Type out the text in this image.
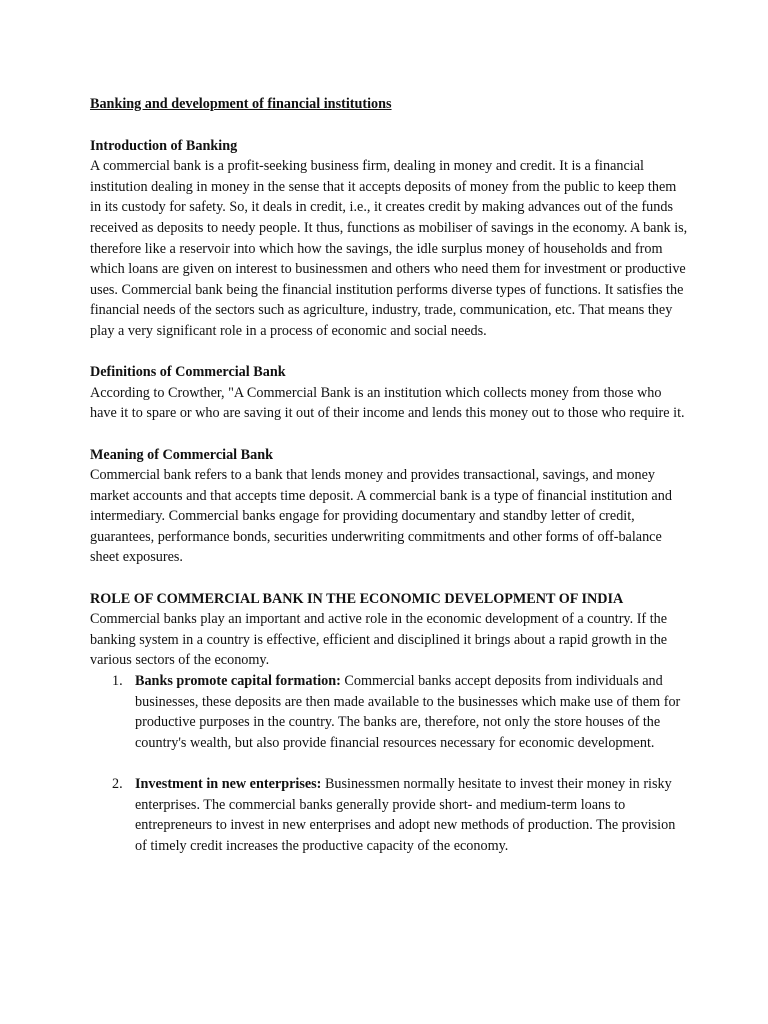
Banking and development of financial institutions

Introduction of Banking

A commercial bank is a profit-seeking business firm, dealing in money and credit. It is a financial institution dealing in money in the sense that it accepts deposits of money from the public to keep them in its custody for safety. So, it deals in credit, i.e., it creates credit by making advances out of the funds received as deposits to needy people. It thus, functions as mobiliser of savings in the economy. A bank is, therefore like a reservoir into which how the savings, the idle surplus money of households and from which loans are given on interest to businessmen and others who need them for investment or productive uses. Commercial bank being the financial institution performs diverse types of functions. It satisfies the financial needs of the sectors such as agriculture, industry, trade, communication, etc. That means they play a very significant role in a process of economic and social needs.

Definitions of Commercial Bank

According to Crowther, "A Commercial Bank is an institution which collects money from those who have it to spare or who are saving it out of their income and lends this money out to those who require it.

Meaning of Commercial Bank

Commercial bank refers to a bank that lends money and provides transactional, savings, and money market accounts and that accepts time deposit. A commercial bank is a type of financial institution and intermediary. Commercial banks engage for providing documentary and standby letter of credit, guarantees, performance bonds, securities underwriting commitments and other forms of off-balance sheet exposures.

ROLE OF COMMERCIAL BANK IN THE ECONOMIC DEVELOPMENT OF INDIA

Commercial banks play an important and active role in the economic development of a country. If the banking system in a country is effective, efficient and disciplined it brings about a rapid growth in the various sectors of the economy.

1. Banks promote capital formation: Commercial banks accept deposits from individuals and businesses, these deposits are then made available to the businesses which make use of them for productive purposes in the country. The banks are, therefore, not only the store houses of the country's wealth, but also provide financial resources necessary for economic development.
2. Investment in new enterprises: Businessmen normally hesitate to invest their money in risky enterprises. The commercial banks generally provide short- and medium-term loans to entrepreneurs to invest in new enterprises and adopt new methods of production. The provision of timely credit increases the productive capacity of the economy.
